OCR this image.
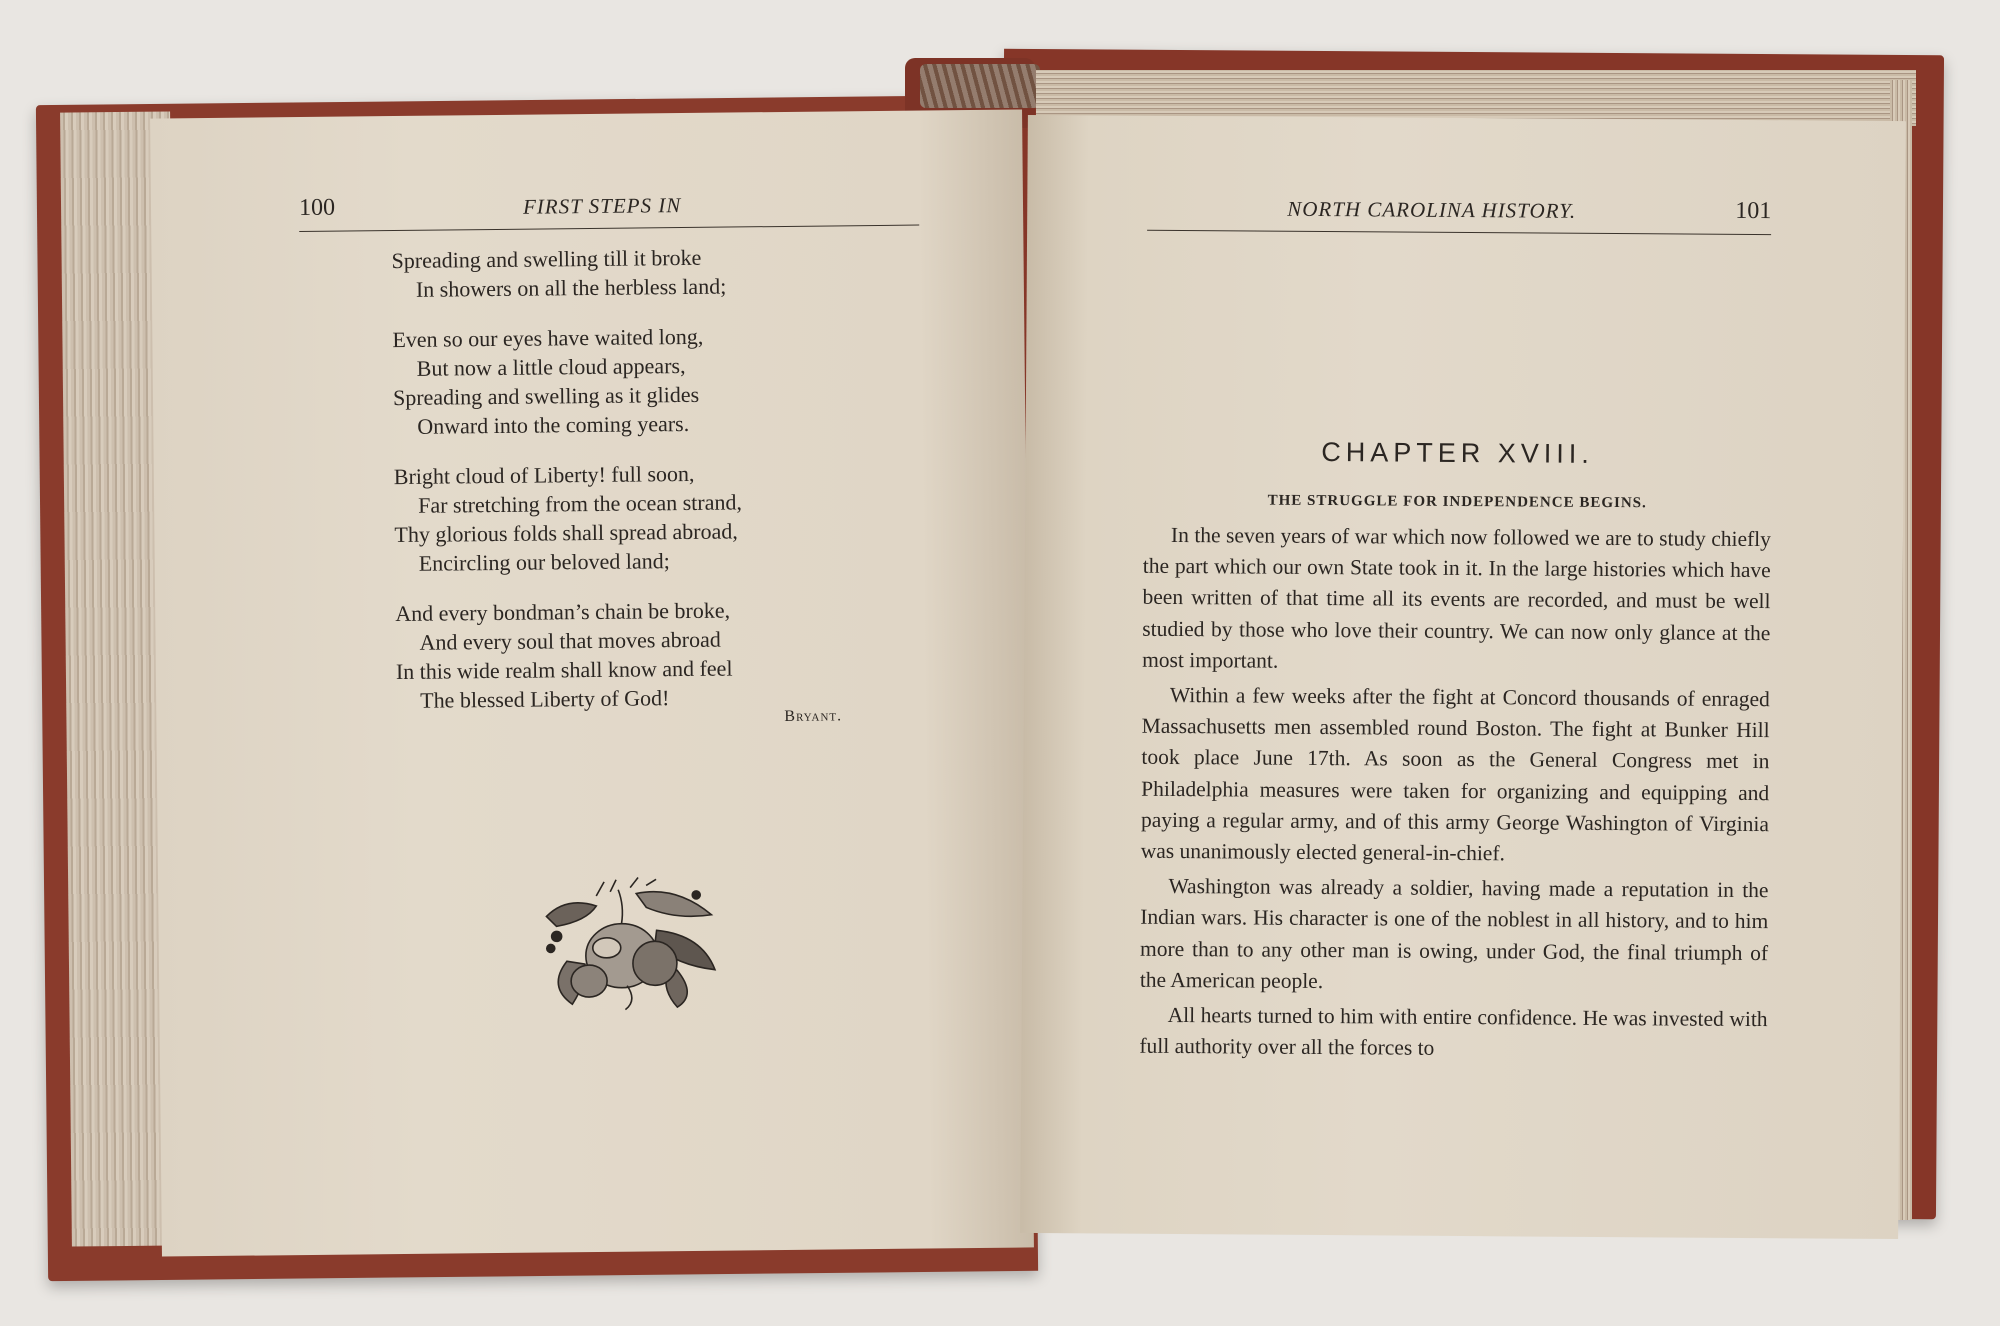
100	FIRST STEPS IN
Spreading and swelling till it broke
In showers on all the herbless land;
Even so our eyes have waited long,
But now a little cloud appears,
Spreading and swelling as it glides
Onward into the coming years.
Bright cloud of Liberty! full soon,
Far stretching from the ocean strand,
Thy glorious folds shall spread abroad,
Encircling our beloved land;
And every bondman’s chain be broke,
And every soul that moves abroad
In this wide realm shall know and feel
The blessed Liberty of God!
Bryant.
NORTH CAROLINA HISTORY.	101
CHAPTER XVIII.
THE STRUGGLE FOR INDEPENDENCE BEGINS.

In the seven years of war which now followed we are to study chiefly the part which our own State took in it. In the large histories which have been written of that time all its events are recorded, and must be well studied by those who love their country. We can now only glance at the most important.

Within a few weeks after the fight at Concord thousands of enraged Massachusetts men assembled round Boston. The fight at Bunker Hill took place June 17th. As soon as the General Congress met in Philadelphia measures were taken for organizing and equipping and paying a regular army, and of this army George Washington of Virginia was unanimously elected general-in-chief.

Washington was already a soldier, having made a reputation in the Indian wars. His character is one of the noblest in all history, and to him more than to any other man is owing, under God, the final triumph of the American people.

All hearts turned to him with entire confidence. He was invested with full authority over all the forces to
